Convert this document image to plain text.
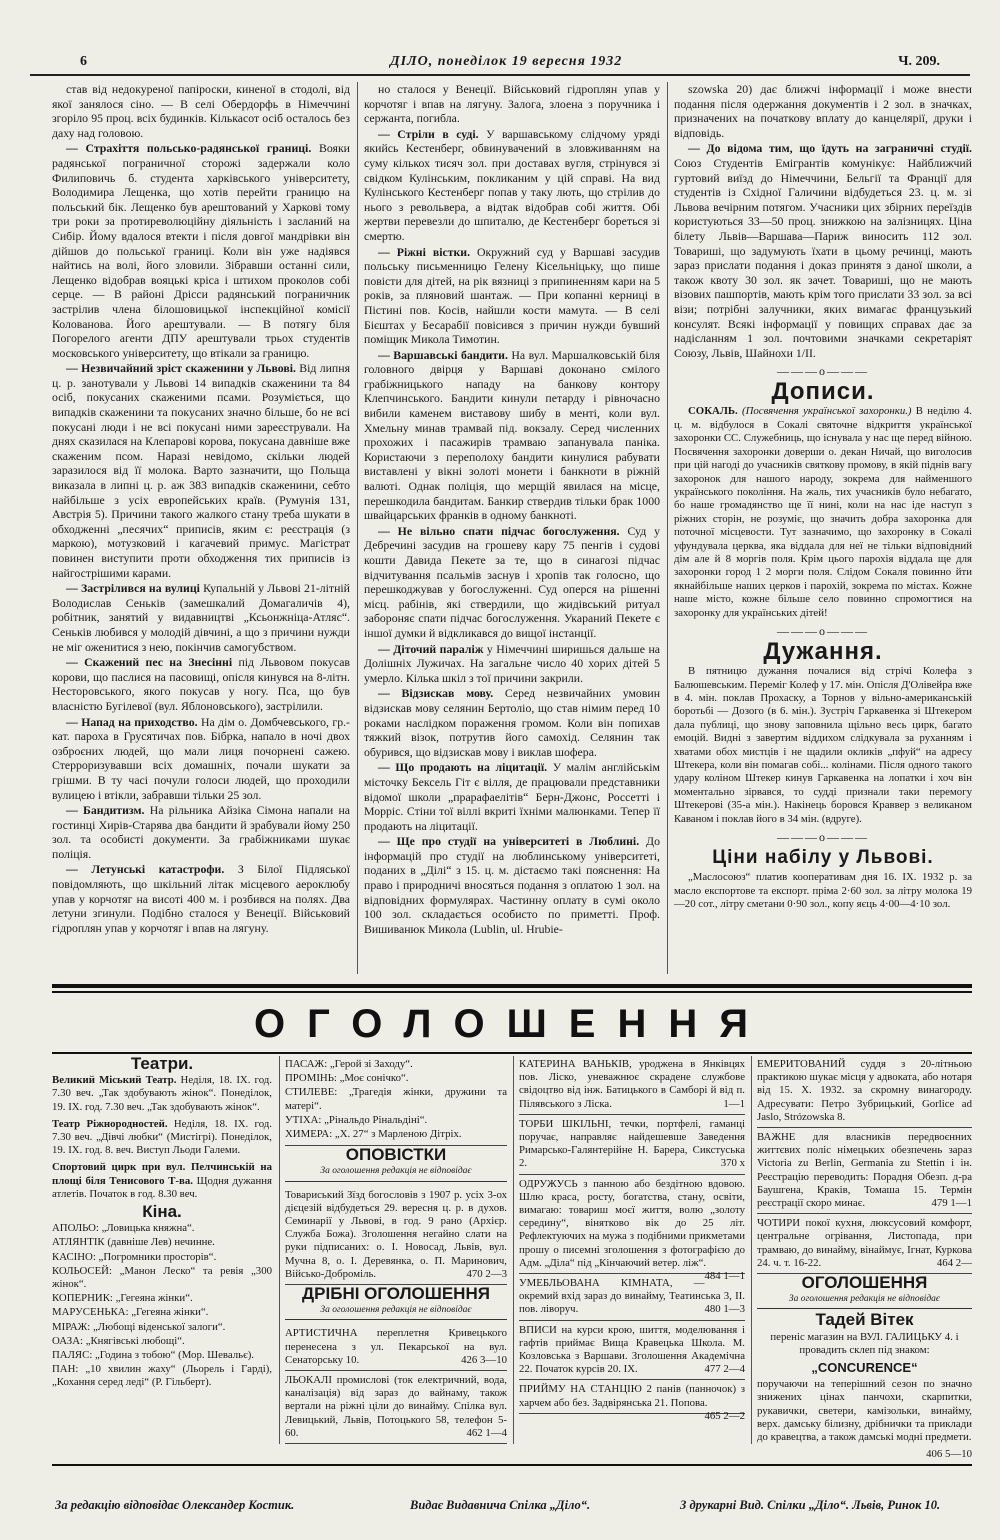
6	ДІЛО, понеділок 19 вересня 1932	Ч. 209.

став від недокуреної папіроски, киненої в стодолі, від якої занялося сіно. — В селі Обердорфь в Німеччині згоріло 95 проц. всіх будинків. Кількасот осіб осталось без даху над головою.

— Страхіття польсько-радянської границі. Вояки радянської пограничної сторожі задержали коло Филиповичь б. студента харківського університету, Володимира Лещенка, що хотів перейти границю на польський бік. Лещенко був арештований у Харкові тому три роки за протиреволюційну діяльність і засланий на Сибір. Йому вдалося втекти і після довгої мандрівки він дійшов до польської границі. Коли він уже надіявся найтись на волі, його зловили. Зібравши останні сили, Лещенко відобрав вояцькі кріса і штихом проколов собі серце. — В районі Дрісси радянський пограничник застрілив члена білошовицької інспекційної комісії Колованова. Його арештували. — В потягу біля Погорелого агенти ДПУ арештували трьох студентів московського університету, що втікали за границю.

— Незвичайний зріст скаженини у Львові. Від липня ц. р. занотували у Львові 14 випадків скаженини та 84 осіб, покусаних скаженими псами. Розуміється, що випадків скаженини та покусаних значно більше, бо не всі покусані люди і не всі покусані ними зареєстрували. На днях сказилася на Клепарові корова, покусана давніше вже скаженим псом. Наразі невідомо, скільки людей заразилося від її молока. Варто зазначити, що Польща виказала в липні ц. р. аж 383 випадків скаженини, себто найбільше з усіх европейських країв. (Румунія 131, Австрія 5). Причини такого жалкого стану треба шукати в обходженні „песячих“ приписів, яким є: реєстрація (з маркою), мотузковий і кагачевий примус. Магістрат повинен виступити проти обходження тих приписів із найгострішими карами.

— Застрілився на вулиці Купальній у Львові 21-літній Володислав Сеньків (замешкалий Домагаличів 4), робітник, занятий у видавництві „Ксьонжніца-Атляс“. Сеньків любився у молодій дівчині, а що з причини нужди не міг оженитися з нею, покінчив самогубством.

— Скажений пес на Знесінні під Львовом покусав корови, що паслися на пасовищі, опісля кинувся на 8-літн. Несторовського, якого покусав у ногу. Пса, що був власністю Бугілевої (вул. Яблоновського), застрілили.

— Напад на приходство. На дім о. Домбчевського, гр.-кат. пароха в Грусятичах пов. Бібрка, напало в ночі двох озброєних людей, що мали лиця почорнені сажею. Стерроризувавши всіх домашніх, почали шукати за грішми. В ту часі почули голоси людей, що проходили вулицею і втікли, забравши тільки 25 зол.

— Бандитизм. На рільника Айзіка Сімона напали на гостинці Хирів-Старява два бандити й зрабували йому 250 зол. та особисті документи. За грабіжниками шукає поліція.

— Летунські катастрофи. З Білої Підляської повідомляють, що шкільний літак місцевого аероклюбу упав у корчотяг на висоті 400 м. і розбився на полях. Два летуни згинули. Подібно сталося у Венеції. Військовий гідроплян упав у корчотяг і впав на лягуну.

но сталося у Венеції. Військовий гідроплян упав у корчотяг і впав на лягуну. Залога, злоена з поручника і сержанта, погибла.

— Стріли в суді. У варшавському слідчому уряді якийсь Кестенберг, обвинувачений в зловживанням на суму кількох тисяч зол. при доставах вугля, стрінувся зі свідком Кулінським, покликаним у цій справі. На вид Кулінського Кестенберг попав у таку лють, що стрілив до нього з револьвера, а відтак відобрав собі життя. Обі жертви перевезли до шпиталю, де Кестенберг бореться зі смертю.

— Ріжні вістки. Окружний суд у Варшаві засудив польську письменницю Гелену Кісельніцьку, що пише повісти для дітей, на рік вязниці з припиненням кари на 5 років, за пляновий шантаж. — При копанні керниці в Пістині пов. Косів, найшли кости мамута. — В селі Бієштах у Бесарабії повісився з причин нужди бувший поміщик Микола Тимотин.

— Варшавські бандити. На вул. Маршалковській біля головного двірця у Варшаві доконано смілого грабіжницького нападу на банкову контору Клепчинського. Бандити кинули петарду і рівночасно вибили каменем виставову шибу в менті, коли вул. Хмельну минав трамвай під. вокзалу. Серед численних прохожих і пасажирів трамваю запанувала паніка. Користаючи з переполоху бандити кинулися рабувати виставлені у вікні золоті монети і банкноти в ріжній валюті. Однак поліція, що мерщій явилася на місце, перешкодила бандитам. Банкир ствердив тільки брак 1000 швайцарських франків в одному банкноті.

— Не вільно спати підчас богослуження. Суд у Дебречині засудив на грошеву кару 75 пенгів і судові кошти Давида Пекете за те, що в синагозі підчас відчитування псальмів заснув і хропів так голосно, що перешкоджував у богослуженні. Суд оперся на рішенні місц. рабінів, які ствердили, що жидівський ритуал забороняє спати підчас богослуження. Укараний Пекете є іншої думки й відкликався до вищої інстанції.

— Діточий параліж у Німеччині ширишься дальше на Долішніх Лужичах. На загальне число 40 хорих дітей 5 умерло. Кілька шкіл з тої причини закрили.

— Відзискав мову. Серед незвичайних умовин відзискав мову селянин Бертоліо, що став німим перед 10 роками наслідком пораження громом. Коли він попихав тяжкий візок, потрутив його самохід. Селянин так обурився, що відзискав мову і виклав шофера.

— Що продають на ліцитації. У малім англійськім місточку Бексель Гіт є вілля, де працювали представники відомої школи „прарафаелітів“ Берн-Джонс, Россетті і Морріс. Стіни тої віллі вкриті їхніми малюнками. Тепер її продають на ліцитації.

— Ще про студії на університеті в Люблині. До інформацій про студії на люблинському університеті, поданих в „Ділі“ з 15. ц. м. дістаємо такі пояснення: На право і природничі вносяться подання з оплатою 1 зол. на відповідних формулярах. Частинну оплату в сумі около 100 зол. складається особисто по приметті. Проф. Вишиванюк Микола (Lublin, ul. Hrubie-

szowska 20) дає ближчі інформації і може внести подання після одержання документів і 2 зол. в значках, призначених на початкову вплату до канцелярії, друки і відповідь.

— До відома тим, що їдуть на заграничні студії. Союз Студентів Емігрантів комунікує: Найближчий гуртовий виїзд до Німеччини, Бельгії та Франції для студентів із Східної Галичини відбудеться 23. ц. м. зі Львова вечірним потягом. Учасники цих збірних переїздів користуються 33—50 проц. знижкою на залізницях. Ціна білету Львів—Варшава—Париж виносить 112 зол. Товариші, що задумують їхати в цьому речинці, мають зараз прислати подання і доказ принятя з даної школи, а також квоту 30 зол. як зачет. Товариші, що не мають візових пашпортів, мають крім того прислати 33 зол. за всі візи; потрібні залучники, яких вимагає французький консулят. Всякі інформації у повищих справах дає за надісланням 1 зол. почтовими значками секретаріят Союзу, Львів, Шайнохи 1/II.

———o———
Дописи.

СОКАЛЬ. (Посвячення української захоронки.) В неділю 4. ц. м. відбулося в Сокалі святочне відкриття української захоронки СС. Служебниць, що існувала у нас ще перед війною. Посвячення захоронки доверши о. декан Ничай, що виголосив при цій нагоді до учасників святкову промову, в якій піднів вагу захоронок для нашого народу, зокрема для найменшого українського покоління. На жаль, тих учасників було небагато, бо наше громадянство ще її нині, коли на нас іде наступ з ріжних сторін, не розуміє, що значить добра захоронка для поточної місцевости. Тут зазначимо, що захоронку в Сокалі уфундувала церква, яка віддала для неї не тільки відповідний дім але й 8 моргів поля. Крім цього парохія віддала ще для захоронки город 1 2 морги поля. Слідом Сокаля повинно йти якнайбільше наших церков і парохій, зокрема по містах. Кожне наше місто, кожне більше село повинно спромогтися на захоронку для українських дітей!

———o———
Дужання.

В пятницю дужання почалися від стрічі Колефа з Балюшевським. Переміг Колеф у 17. мін. Опісля Д'Олівейра вже в 4. мін. поклав Прохаску, а Торнов у вільно-американській боротьбі — Дозого (в 6. мін.). Зустріч Гаркавенка зі Штекером дала публиці, що знову заповнила щільно весь цирк, багато емоцій. Видні з завертим віддихом слідкувала за руханням і хватами обох мистців і не щадили окликів „пфуй“ на адресу Штекера, коли він помагав собі... колінами. Після одного такого удару коліном Штекер кинув Гаркавенка на лопатки і хоч він моментально зірвався, то судді признали таки перемогу Штекерові (35-а мін.). Накінець боровся Краввер з великаном Каваном і поклав його в 34 мін. (вдруге).

———o———
Ціни набілу у Львові.

„Маслосоюз“ платив кооперативам дня 16. IX. 1932 р. за масло експортове та експорт. пріма 2·60 зол. за літру молока 19—20 сот., літру сметани 0·90 зол., копу яєць 4·00—4·10 зол.

ОГОЛОШЕННЯ
Театри.

Великий Міський Театр. Неділя, 18. IX. год. 7.30 веч. „Так здобувають жінок“. Понеділок, 19. IX. год. 7.30 веч. „Так здобувають жінок“.

Театр Ріжнородностей. Неділя, 18. IX. год. 7.30 веч. „Дівчі любки“ (Мистігрі). Понеділок, 19. IX. год. 8. веч. Виступ Льоди Галеми.

Спортовий цирк при вул. Пелчинській на площі біля Тенисового Т-ва. Щодня дужання атлетів. Початок в год. 8.30 веч.

Кіна.

АПОЛЬО: „Ловицька княжна“.

АТЛЯНТІК (давніше Лев) нечинне.

КАСІНО: „Погромники просторів“.

КОЛЬОСЕЙ: „Манон Леско“ та ревія „300 жінок“.

КОПЕРНИК: „Гегеяна жінки“.

МАРУСЕНЬКА: „Гегеяна жінки“.

МІРАЖ: „Любощі віденської залоги“.

ОАЗА: „Княгівські любощі“.

ПАЛЯС: „Година з тобою“ (Мор. Шевальє).

ПАН: „10 хвилин жаху“ (Льорель і Гарді), „Кохання серед леді“ (Р. Гільберт).

ПАСАЖ: „Герой зі Заходу“.

ПРОМІНЬ: „Моє сонічко“.

СТИЛЕВЕ: „Трагедія жінки, дружини та матері“.

УТІХА: „Рінальдо Рінальдіні“.

ХИМЕРА: „Х. 27“ з Марленою Дітріх.

ОПОВІСТКИ
За оголошення редакція не відповідає
Товариський Зїзд богословів з 1907 р. усіх 3-ох дієцезій відбудеться 29. вересня ц. р. в духов. Семинарії у Львові, в год. 9 рано (Архієр. Служба Божа). Зголошення негайно слати на руки підписаних: о. І. Новосад, Львів, вул. Мучна 8, о. І. Деревянка, о. П. Маринович, Військо-Доброміль.	470 2—3
ДРІБНІ ОГОЛОШЕННЯ
За оголошення редакція не відповідає
АРТИСТИЧНА переплетня Кривецького перенесена з ул. Пекарської на вул. Сенаторську 10.	426 3—10
ЛЬОКАЛІ промислові (ток електричний, вода, каналізація) від зараз до вайнаму, також вертали на ріжні ціли до винайму. Спілка вул. Левицький, Львів, Потоцького 58, телефон 5-60.	462 1—4
КАТЕРИНА ВАНЬКІВ, уроджена в Янківцях пов. Ліско, уневажнює скрадене службове свідоцтво від інж. Батицького в Самборі й від п. Пілявського з Ліска.	1—1
ТОРБИ ШКІЛЬНІ, течки, портфелі, гаманці поручає, направляє найдешевше Заведення Римарсько-Галянтерійне Н. Барера, Сикстуська 2.	370 x
ОДРУЖУСЬ з панною або бездітною вдовою. Шлю краса, росту, богатства, стану, освіти, вимагаю: товариш моєї життя, волю „золоту середину“, вінятково вік до 25 літ. Рефлектуючих на мужа з подібними прикметами прошу о писемні зголошення з фотографією до Адм. „Діла“ під „Кінчаючий ветер. ліж“.
484 1—1
УМЕБЛЬОВАНА КІМНАТА, — окремий вхід зараз до винайму, Театинська 3, II. пов. ліворуч.	480 1—3
ВПИСИ на курси крою, шиття, моделювання і гафтів приймає Вища Кравецька Школа. М. Козловська з Варшави. Зголошення Академічна 22. Початок курсів 20. IX.	477 2—4
ПРИЙМУ НА СТАНЦІЮ 2 панів (панночок) з харчем або без. Задвірянська 21. Попова.
465 2—2
ЕМЕРИТОВАНИЙ суддя з 20-літньою практикою шукає місця у адвоката, або нотаря від 15. X. 1932. за скромну винагороду. Адресувати: Петро Зубрицький, Gorlice ad Jaslo, Strózowska 8.
ВАЖНЕ для власників передвоєнних життєвих поліс німецьких обезпечень зараз Victoria zu Berlin, Germania zu Stettin і ін. Реєстрацію переводить: Порадня Обезп. д-ра Баушгена, Краків, Томаша 15. Термін реєстрації скоро минає.	479 1—1
ЧОТИРИ покої кухня, люксусовий комфорт, центральне огрівання, Листопада, при трамваю, до винайму, вінаймує, Ігнат, Куркова 24. ч. т. 16-22.	464 2—
ОГОЛОШЕННЯ
За оголошення редакція не відповідає
Тадей Вітек

переніс магазин на ВУЛ. ГАЛИЦЬКУ 4. і провадить склеп під знаком:

„CONCURENCE“

поручаючи на теперішний сезон по значно знижених цінах панчохи, скарпитки, рукавички, светери, камізольки, винайму, верх. дамську білизну, дрібнички та приклади до кравецтва, а також дамські модні предмети.

406 5—10

За редакцію відповідає Олександер Костик.	Видає Видавнича Спілка „Діло“.	З друкарні Вид. Спілки „Діло“. Львів, Ринок 10.
